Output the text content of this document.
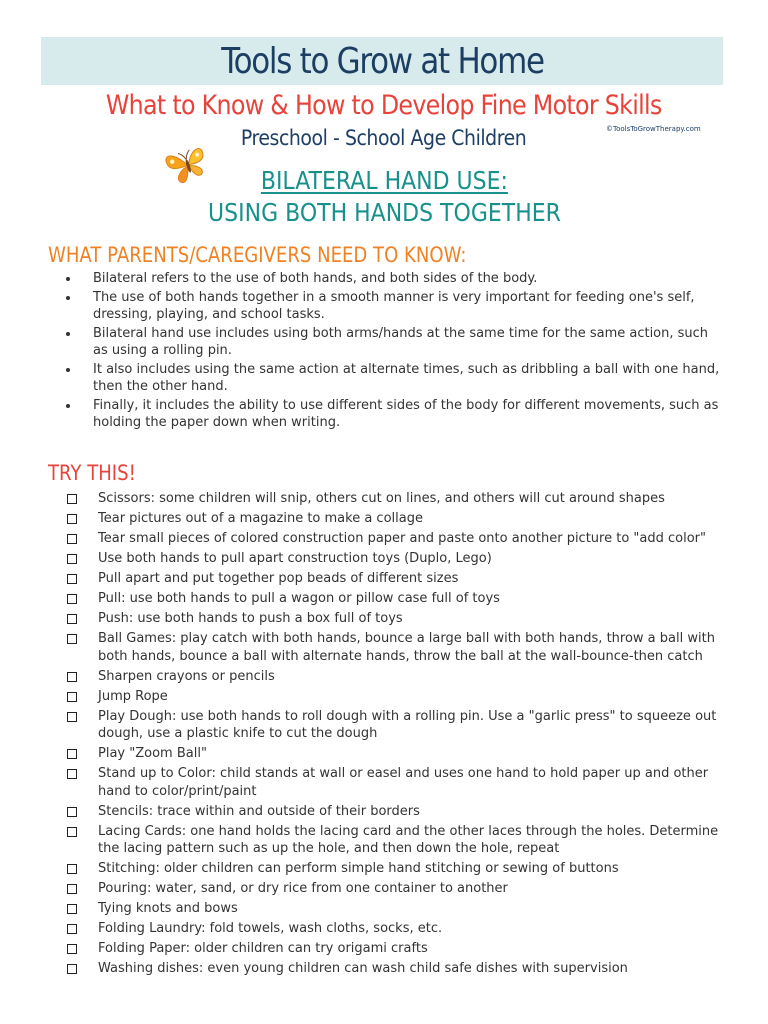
Tools to Grow at Home
What to Know & How to Develop Fine Motor Skills
Preschool - School Age Children	©ToolsToGrowTherapy.com
BILATERAL HAND USE:
USING BOTH HANDS TOGETHER
WHAT PARENTS/CAREGIVERS NEED TO KNOW:
Bilateral refers to the use of both hands, and both sides of the body.
The use of both hands together in a smooth manner is very important for feeding one's self, dressing, playing, and school tasks.
Bilateral hand use includes using both arms/hands at the same time for the same action, such as using a rolling pin.
It also includes using the same action at alternate times, such as dribbling a ball with one hand, then the other hand.
Finally, it includes the ability to use different sides of the body for different movements, such as holding the paper down when writing.
TRY THIS!
Scissors: some children will snip, others cut on lines, and others will cut around shapes
Tear pictures out of a magazine to make a collage
Tear small pieces of colored construction paper and paste onto another picture to "add color"
Use both hands to pull apart construction toys (Duplo, Lego)
Pull apart and put together pop beads of different sizes
Pull: use both hands to pull a wagon or pillow case full of toys
Push: use both hands to push a box full of toys
Ball Games: play catch with both hands, bounce a large ball with both hands, throw a ball with both hands, bounce a ball with alternate hands, throw the ball at the wall-bounce-then catch
Sharpen crayons or pencils
Jump Rope
Play Dough: use both hands to roll dough with a rolling pin. Use a "garlic press" to squeeze out dough, use a plastic knife to cut the dough
Play "Zoom Ball"
Stand up to Color: child stands at wall or easel and uses one hand to hold paper up and other hand to color/print/paint
Stencils: trace within and outside of their borders
Lacing Cards: one hand holds the lacing card and the other laces through the holes. Determine the lacing pattern such as up the hole, and then down the hole, repeat
Stitching: older children can perform simple hand stitching or sewing of buttons
Pouring: water, sand, or dry rice from one container to another
Tying knots and bows
Folding Laundry: fold towels, wash cloths, socks, etc.
Folding Paper: older children can try origami crafts
Washing dishes: even young children can wash child safe dishes with supervision
